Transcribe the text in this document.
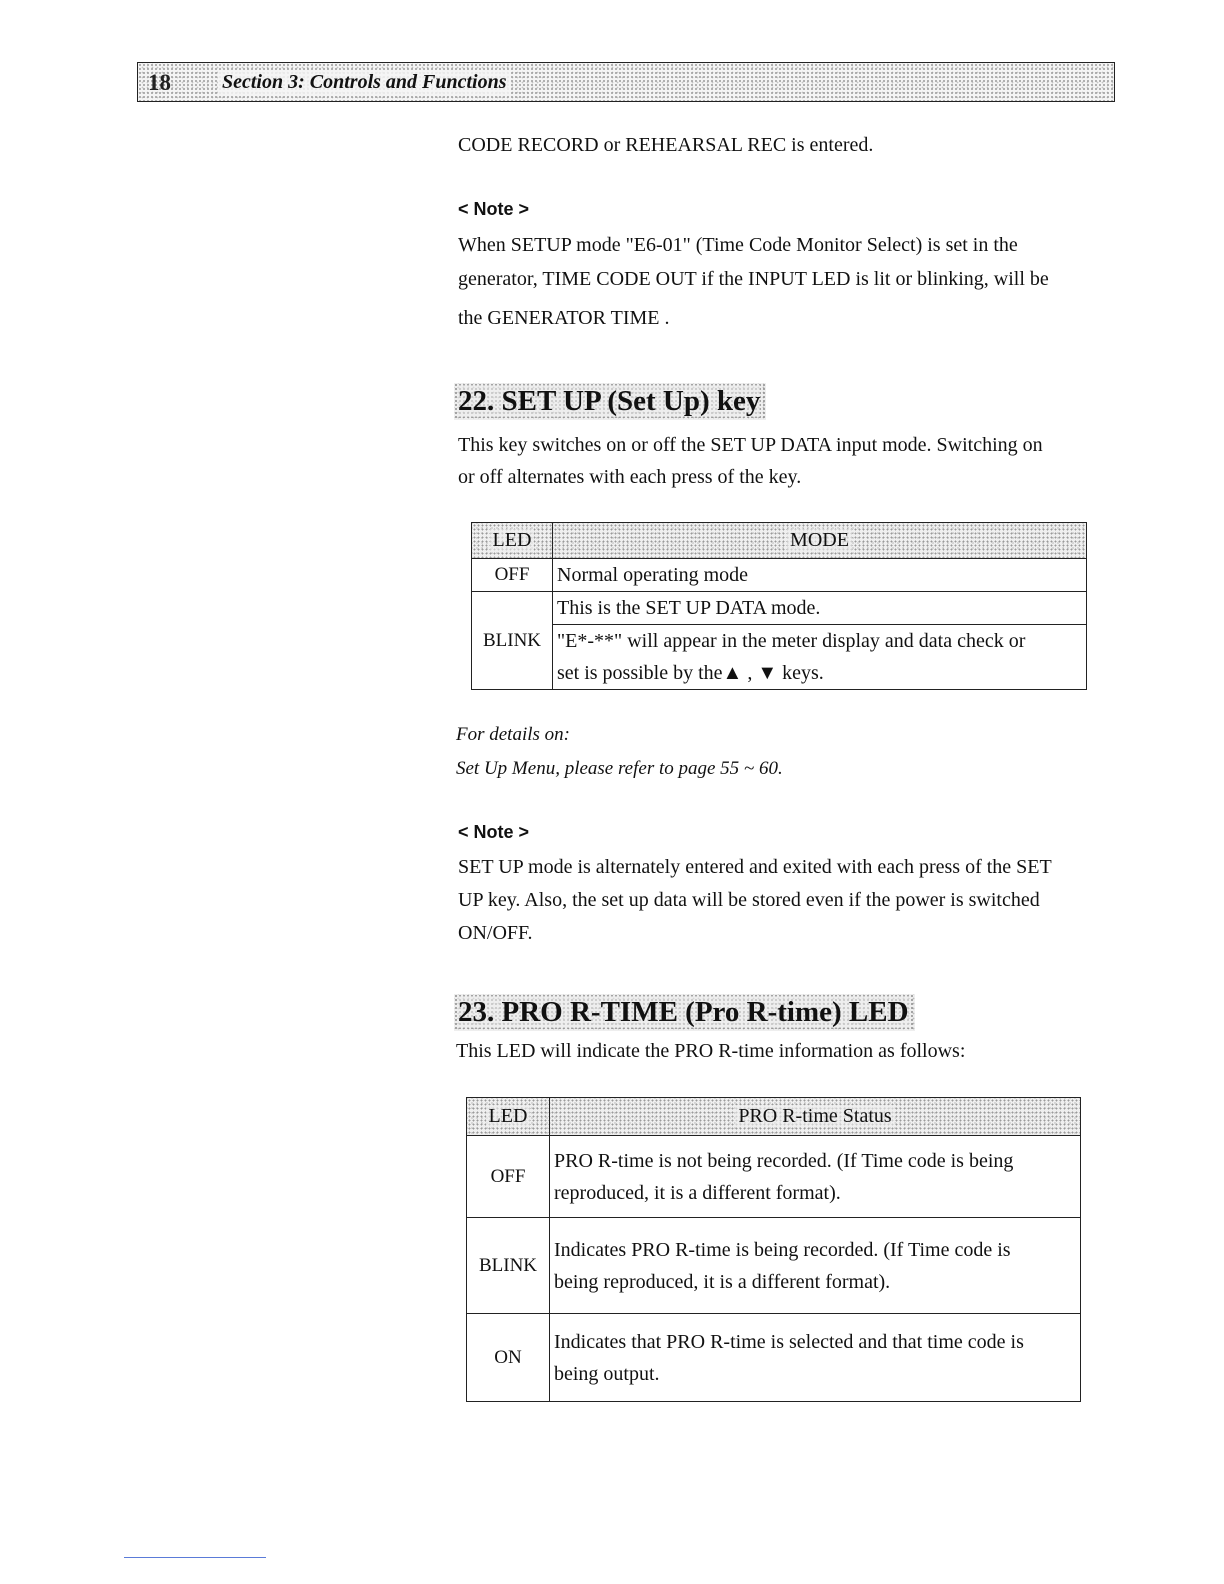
18	Section 3: Controls and Functions
CODE RECORD or REHEARSAL REC is entered.
< Note >
When SETUP mode "E6-01" (Time Code Monitor Select) is set in the
generator, TIME CODE OUT if the INPUT LED is lit or blinking, will be
the GENERATOR TIME .
22. SET UP (Set Up) key
This key switches on or off the SET UP DATA input mode. Switching on
or off alternates with each press of the key.
LED	MODE
OFF	Normal operating mode
BLINK	This is the SET UP DATA mode.

	"E*-**" will appear in the meter display and data check or
set is possible by the▲ , ▼ keys.
For details on:
Set Up Menu, please refer to page 55 ~ 60.
< Note >
SET UP mode is alternately entered and exited with each press of the SET
UP key. Also, the set up data will be stored even if the power is switched
ON/OFF.
23. PRO R-TIME (Pro R-time) LED
This LED will indicate the PRO R-time information as follows:
LED	PRO R-time Status
OFF	PRO R-time is not being recorded. (If Time code is being
reproduced, it is a different format).

BLINK	Indicates PRO R-time is being recorded. (If Time code is
being reproduced, it is a different format).

ON	Indicates that PRO R-time is selected and that time code is
being output.
